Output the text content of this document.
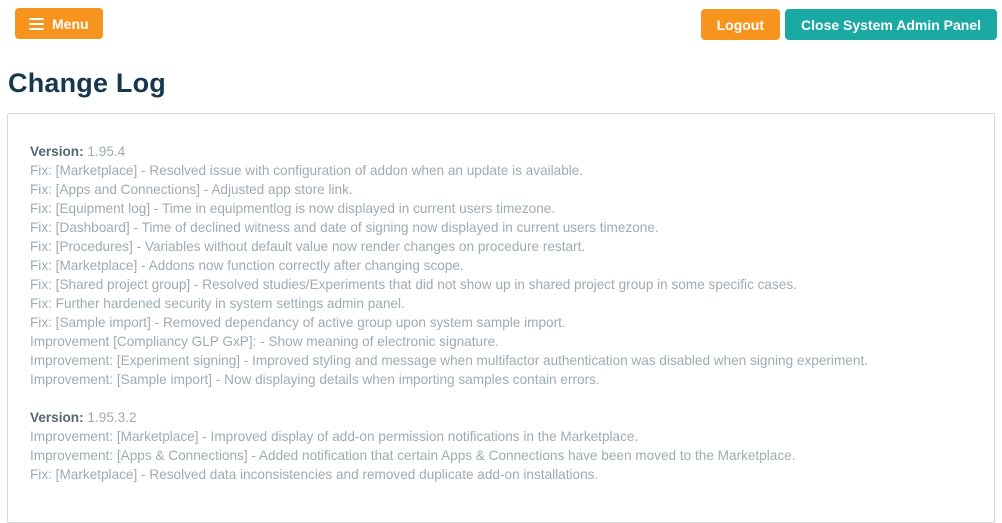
Menu	Logout	Close System Admin Panel
Change Log
Version: 1.95.4
Fix: [Marketplace] - Resolved issue with configuration of addon when an update is available.
Fix: [Apps and Connections] - Adjusted app store link.
Fix: [Equipment log] - Time in equipmentlog is now displayed in current users timezone.
Fix: [Dashboard] - Time of declined witness and date of signing now displayed in current users timezone.
Fix: [Procedures] - Variables without default value now render changes on procedure restart.
Fix: [Marketplace] - Addons now function correctly after changing scope.
Fix: [Shared project group] - Resolved studies/Experiments that did not show up in shared project group in some specific cases.
Fix: Further hardened security in system settings admin panel.
Fix: [Sample import] - Removed dependancy of active group upon system sample import.
Improvement [Compliancy GLP GxP]: - Show meaning of electronic signature.
Improvement: [Experiment signing] - Improved styling and message when multifactor authentication was disabled when signing experiment.
Improvement: [Sample import] - Now displaying details when importing samples contain errors.
Version: 1.95.3.2
Improvement: [Marketplace] - Improved display of add-on permission notifications in the Marketplace.
Improvement: [Apps & Connections] - Added notification that certain Apps & Connections have been moved to the Marketplace.
Fix: [Marketplace] - Resolved data inconsistencies and removed duplicate add-on installations.
